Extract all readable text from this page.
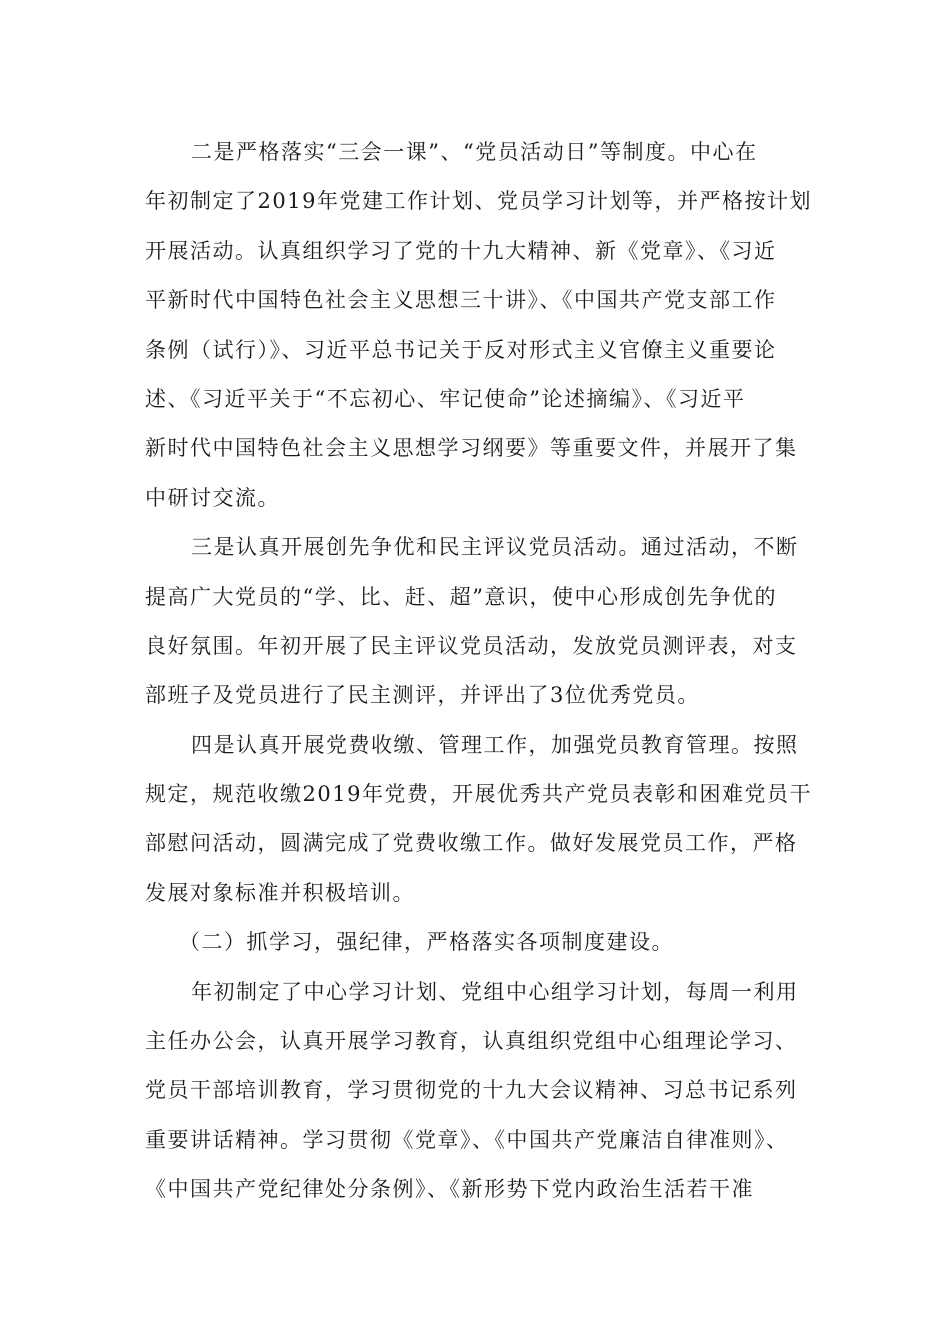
二是严格落实“三会一课”、“党员活动日”等制度。中心在
年初制定了2019年党建工作计划、党员学习计划等，并严格按计划
开展活动。认真组织学习了党的十九大精神、新《党章》、《习近
平新时代中国特色社会主义思想三十讲》、《中国共产党支部工作
条例（试行）》、习近平总书记关于反对形式主义官僚主义重要论
述、《习近平关于“不忘初心、牢记使命”论述摘编》、《习近平
新时代中国特色社会主义思想学习纲要》等重要文件，并展开了集
中研讨交流。
三是认真开展创先争优和民主评议党员活动。通过活动，不断
提高广大党员的“学、比、赶、超”意识，使中心形成创先争优的
良好氛围。年初开展了民主评议党员活动，发放党员测评表，对支
部班子及党员进行了民主测评，并评出了3位优秀党员。
四是认真开展党费收缴、管理工作，加强党员教育管理。按照
规定，规范收缴2019年党费，开展优秀共产党员表彰和困难党员干
部慰问活动，圆满完成了党费收缴工作。做好发展党员工作，严格
发展对象标准并积极培训。
（二）抓学习，强纪律，严格落实各项制度建设。
年初制定了中心学习计划、党组中心组学习计划，每周一利用
主任办公会，认真开展学习教育，认真组织党组中心组理论学习、
党员干部培训教育，学习贯彻党的十九大会议精神、习总书记系列
重要讲话精神。学习贯彻《党章》、《中国共产党廉洁自律准则》、
《中国共产党纪律处分条例》、《新形势下党内政治生活若干准
